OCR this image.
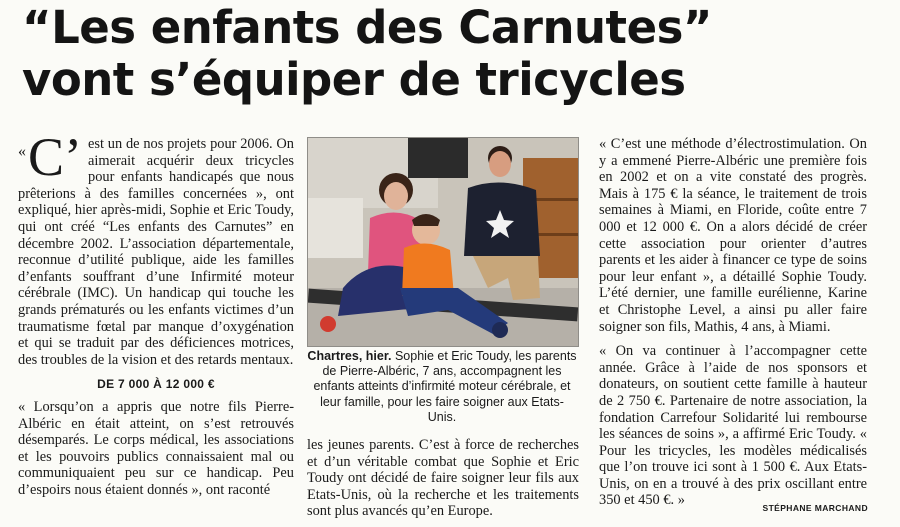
“Les enfants des Carnutes”
vont s’équiper de tricycles

« C’ est un de nos projets pour 2006. On aimerait acquérir deux tricycles pour enfants handicapés que nous prêterions à des familles concernées », ont expliqué, hier après-midi, Sophie et Eric Toudy, qui ont créé “Les enfants des Carnutes” en décembre 2002. L’association départementale, reconnue d’utilité publique, aide les familles d’enfants souffrant d’une Infirmité moteur cérébrale (IMC). Un handicap qui touche les grands prématurés ou les enfants victimes d’un traumatisme fœtal par manque d’oxygénation et qui se traduit par des déficiences motrices, des troubles de la vision et des retards mentaux.

DE 7 000 À 12 000 €

« Lorsqu’on a appris que notre fils Pierre-Albéric en était atteint, on s’est retrouvés désemparés. Le corps médical, les associations et les pouvoirs publics connaissaient mal ou communiquaient peu sur ce handicap. Peu d’espoirs nous étaient donnés », ont raconté

Chartres, hier. Sophie et Eric Toudy, les parents de Pierre-Albéric, 7 ans, accompagnent les enfants atteints d’infirmité moteur cérébrale, et leur famille, pour les faire soigner aux Etats-Unis.

les jeunes parents. C’est à force de recherches et d’un véritable combat que Sophie et Eric Toudy ont décidé de faire soigner leur fils aux Etats-Unis, où la recherche et les traitements sont plus avancés qu’en Europe.

« C’est une méthode d’électrostimulation. On y a emmené Pierre-Albéric une première fois en 2002 et on a vite constaté des progrès. Mais à 175 € la séance, le traitement de trois semaines à Miami, en Floride, coûte entre 7 000 et 12 000 €. On a alors décidé de créer cette association pour orienter d’autres parents et les aider à financer ce type de soins pour leur enfant », a détaillé Sophie Toudy. L’été dernier, une famille eurélienne, Karine et Christophe Level, a ainsi pu aller faire soigner son fils, Mathis, 4 ans, à Miami.

« On va continuer à l’accompagner cette année. Grâce à l’aide de nos sponsors et donateurs, on soutient cette famille à hauteur de 2 750 €. Partenaire de notre association, la fondation Carrefour Solidarité lui rembourse les séances de soins », a affirmé Eric Toudy. « Pour les tricycles, les modèles médicalisés que l’on trouve ici sont à 1 500 €. Aux Etats-Unis, on en a trouvé à des prix oscillant entre 350 et 450 €. »	STÉPHANE MARCHAND
